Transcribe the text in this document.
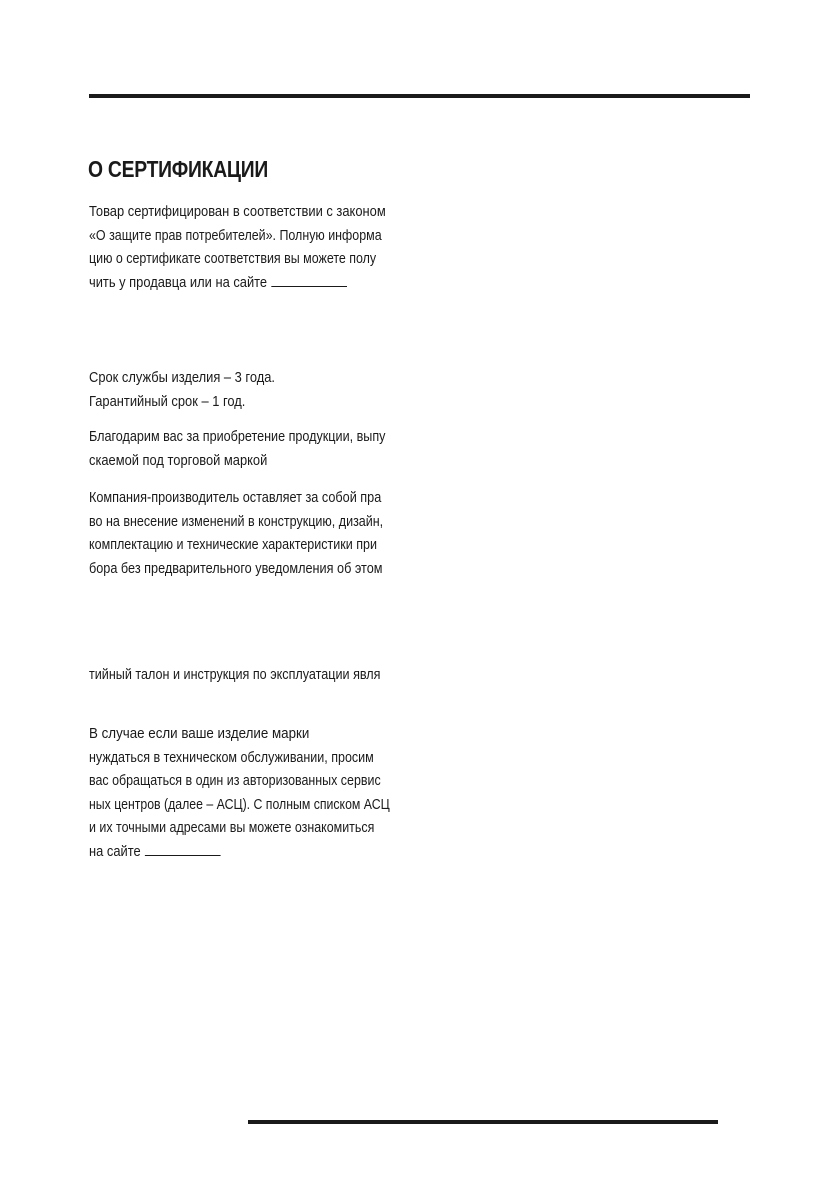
О СЕРТИФИКАЦИИ
Товар сертифицирован в соответствии с законом
«О защите прав потребителей». Полную информа
цию о сертификате соответствия вы можете полу
чить у продавца или на сайте
Срок службы изделия – 3 года.
Гарантийный срок – 1 год.
Благодарим вас за приобретение продукции, выпу
скаемой под торговой маркой
Компания-производитель оставляет за собой пра
во на внесение изменений в конструкцию, дизайн,
комплектацию и технические характеристики при
бора без предварительного уведомления об этом
тийный талон и инструкция по эксплуатации явля
В случае если ваше изделие марки
нуждаться в техническом обслуживании, просим
вас обращаться в один из авторизованных сервис
ных центров (далее – АСЦ). С полным списком АСЦ
и их точными адресами вы можете ознакомиться
на сайте
